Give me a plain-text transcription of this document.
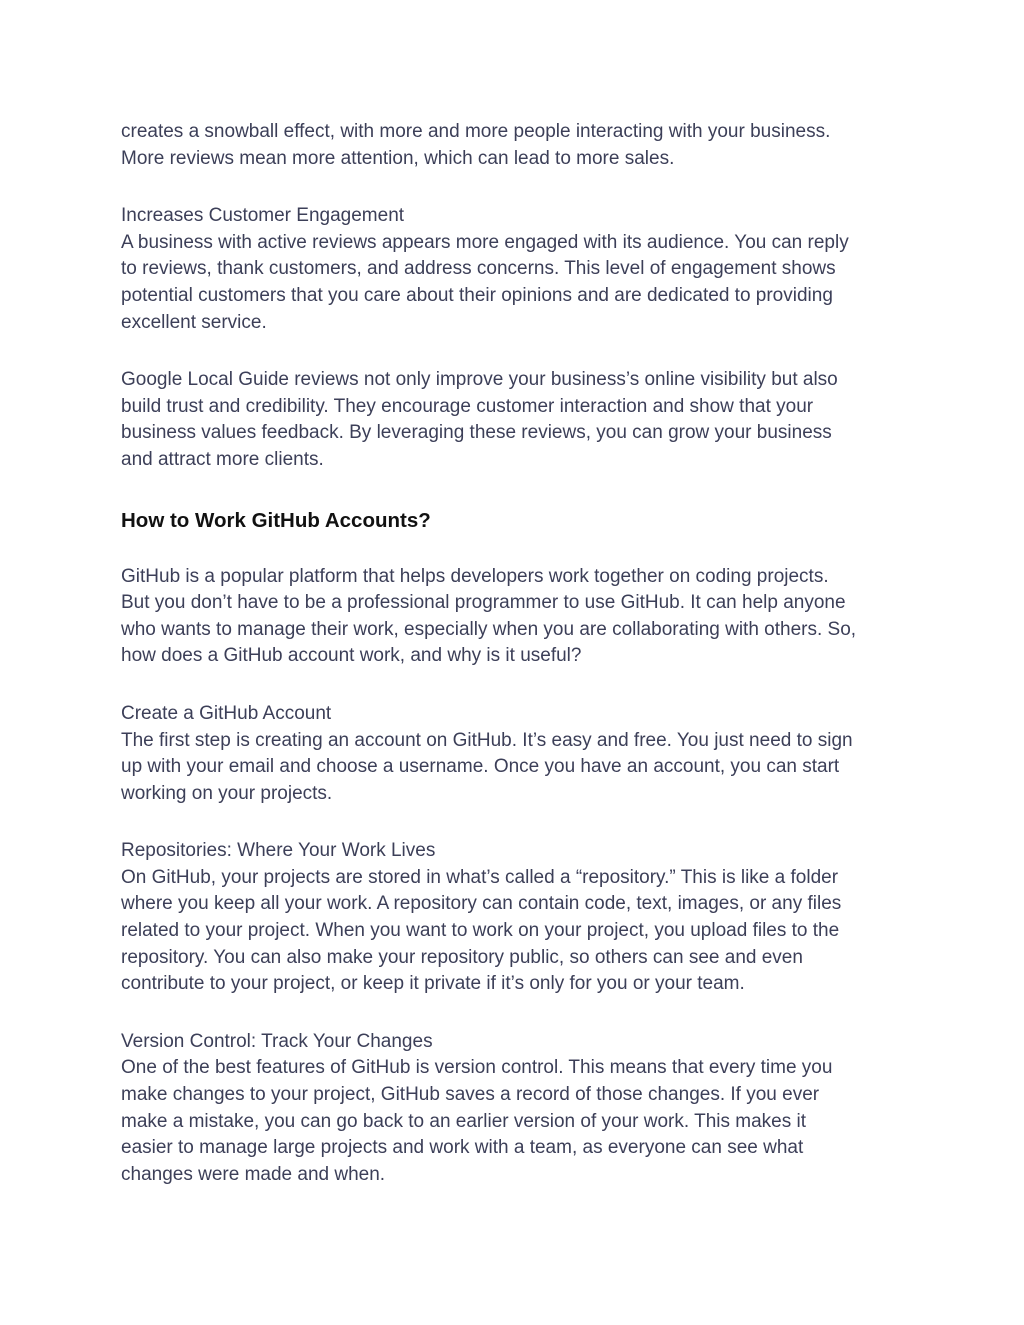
creates a snowball effect, with more and more people interacting with your business.
More reviews mean more attention, which can lead to more sales.
Increases Customer Engagement
A business with active reviews appears more engaged with its audience. You can reply
to reviews, thank customers, and address concerns. This level of engagement shows
potential customers that you care about their opinions and are dedicated to providing
excellent service.
Google Local Guide reviews not only improve your business’s online visibility but also
build trust and credibility. They encourage customer interaction and show that your
business values feedback. By leveraging these reviews, you can grow your business
and attract more clients.
How to Work GitHub Accounts?
GitHub is a popular platform that helps developers work together on coding projects.
But you don’t have to be a professional programmer to use GitHub. It can help anyone
who wants to manage their work, especially when you are collaborating with others. So,
how does a GitHub account work, and why is it useful?
Create a GitHub Account
The first step is creating an account on GitHub. It’s easy and free. You just need to sign
up with your email and choose a username. Once you have an account, you can start
working on your projects.
Repositories: Where Your Work Lives
On GitHub, your projects are stored in what’s called a “repository.” This is like a folder
where you keep all your work. A repository can contain code, text, images, or any files
related to your project. When you want to work on your project, you upload files to the
repository. You can also make your repository public, so others can see and even
contribute to your project, or keep it private if it’s only for you or your team.
Version Control: Track Your Changes
One of the best features of GitHub is version control. This means that every time you
make changes to your project, GitHub saves a record of those changes. If you ever
make a mistake, you can go back to an earlier version of your work. This makes it
easier to manage large projects and work with a team, as everyone can see what
changes were made and when.
